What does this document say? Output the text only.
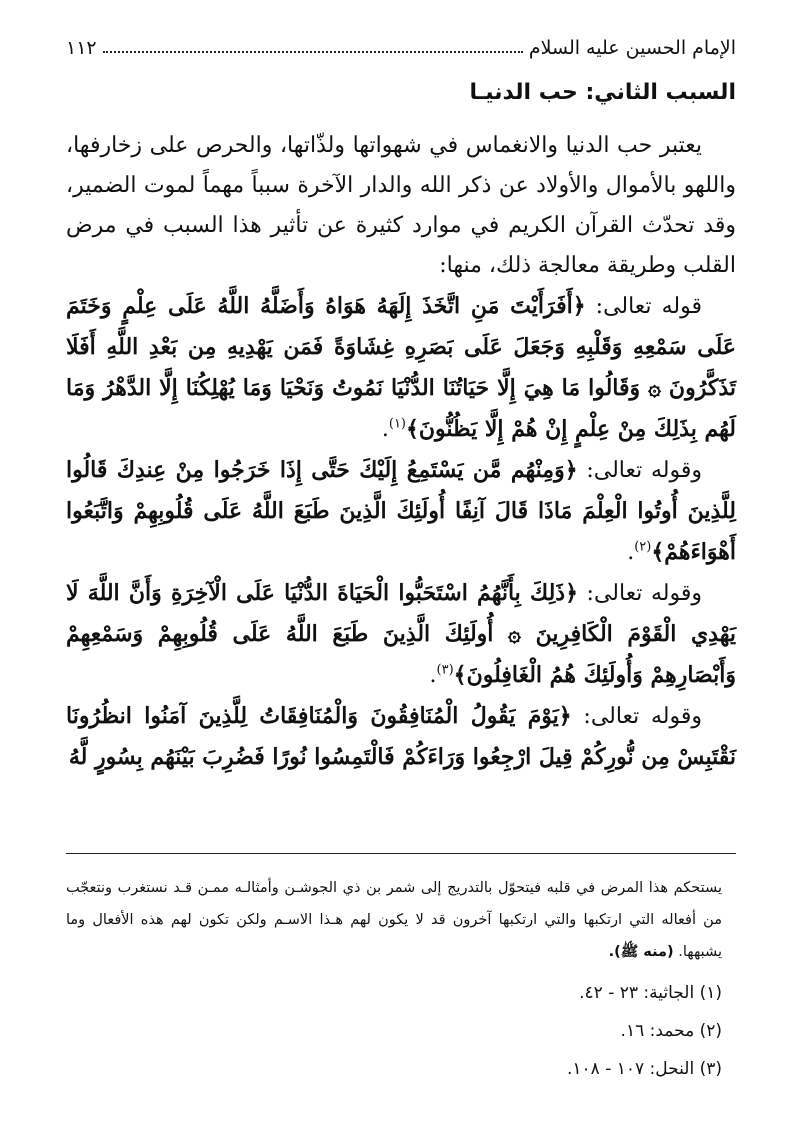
الإمام الحسين عليه السلام
١١٢
السبب الثاني: حب الدنيـا

يعتبر حب الدنيا والانغماس في شهواتها ولذّاتها، والحرص على زخارفها، واللهو بالأموال والأولاد عن ذكر الله والدار الآخرة سبباً مهماً لموت الضمير، وقد تحدّث القرآن الكريم في موارد كثيرة عن تأثير هذا السبب في مرض القلب وطريقة معالجة ذلك، منها:

قوله تعالى: ﴿أَفَرَأَيْتَ مَنِ اتَّخَذَ إِلَهَهُ هَوَاهُ وَأَضَلَّهُ اللَّهُ عَلَى عِلْمٍ وَخَتَمَ عَلَى سَمْعِهِ وَقَلْبِهِ وَجَعَلَ عَلَى بَصَرِهِ غِشَاوَةً فَمَن يَهْدِيهِ مِن بَعْدِ اللَّهِ أَفَلَا تَذَكَّرُونَ ۞ وَقَالُوا مَا هِيَ إِلَّا حَيَاتُنَا الدُّنْيَا نَمُوتُ وَنَحْيَا وَمَا يُهْلِكُنَا إِلَّا الدَّهْرُ وَمَا لَهُم بِذَلِكَ مِنْ عِلْمٍ إِنْ هُمْ إِلَّا يَظُنُّونَ﴾$^{(١)}$.

وقوله تعالى: ﴿وَمِنْهُم مَّن يَسْتَمِعُ إِلَيْكَ حَتَّى إِذَا خَرَجُوا مِنْ عِندِكَ قَالُوا لِلَّذِينَ أُوتُوا الْعِلْمَ مَاذَا قَالَ آنِفًا أُولَئِكَ الَّذِينَ طَبَعَ اللَّهُ عَلَى قُلُوبِهِمْ وَاتَّبَعُوا أَهْوَاءَهُمْ﴾$^{(٢)}$.

وقوله تعالى: ﴿ذَلِكَ بِأَنَّهُمُ اسْتَحَبُّوا الْحَيَاةَ الدُّنْيَا عَلَى الْآخِرَةِ وَأَنَّ اللَّهَ لَا يَهْدِي الْقَوْمَ الْكَافِرِينَ ۞ أُولَئِكَ الَّذِينَ طَبَعَ اللَّهُ عَلَى قُلُوبِهِمْ وَسَمْعِهِمْ وَأَبْصَارِهِمْ وَأُولَئِكَ هُمُ الْغَافِلُونَ﴾$^{(٣)}$.

وقوله تعالى: ﴿يَوْمَ يَقُولُ الْمُنَافِقُونَ وَالْمُنَافِقَاتُ لِلَّذِينَ آمَنُوا انظُرُونَا نَقْتَبِسْ مِن نُّورِكُمْ قِيلَ ارْجِعُوا وَرَاءَكُمْ فَالْتَمِسُوا نُورًا فَضُرِبَ بَيْنَهُم بِسُورٍ لَّهُ

يستحكم هذا المرض في قلبه فيتحوّل بالتدريج إلى شمر بن ذي الجوشـن وأمثالـه ممـن قـد نستغرب ونتعجّب من أفعاله التي ارتكبها والتي ارتكبها آخرون قد لا يكون لهم هـذا الاسـم ولكن تكون لهم هذه الأفعال وما يشبهها. (منه ﷺ).

(١) الجاثية: ٢٣ - ٤٢.
(٢) محمد: ١٦.
(٣) النحل: ١٠٧ - ١٠٨.
